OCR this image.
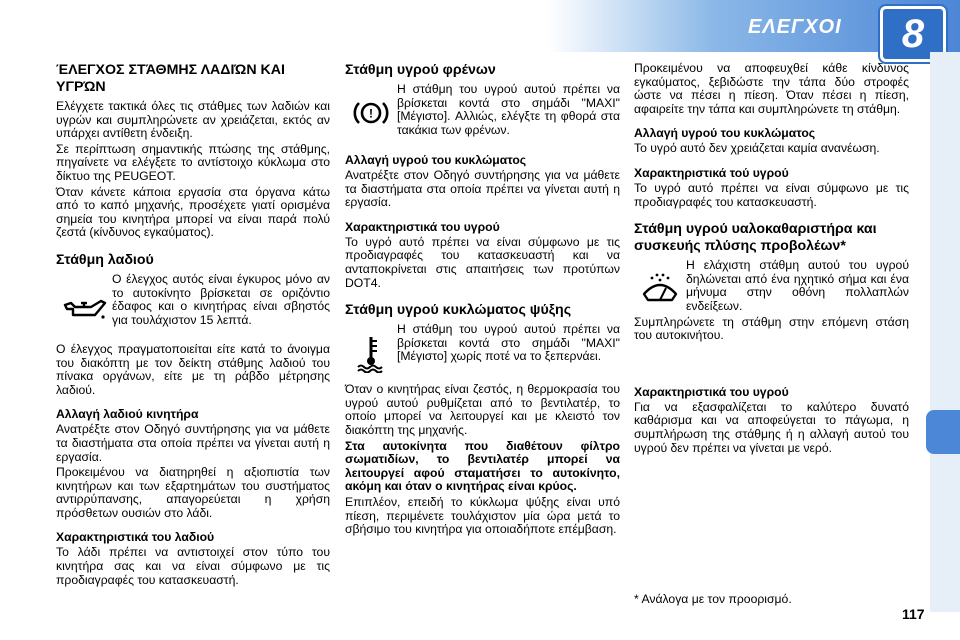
ΕΛΕΓΧΟΙ	8
ΈΛΕΓΧΟΣ ΣΤΆΘΜΗΣ ΛΑΔΙΏΝ ΚΑΙ ΥΓΡΏΝ

Ελέγχετε τακτικά όλες τις στάθμες των λαδιών και υγρών και συμπληρώνετε αν χρειάζεται, εκτός αν υπάρχει αντίθετη ένδειξη.

Σε περίπτωση σημαντικής πτώσης της στάθμης, πηγαίνετε να ελέγξετε το αντίστοιχο κύκλωμα στο δίκτυο της PEUGEOT.

Όταν κάνετε κάποια εργασία στα όργανα κάτω από το καπό μηχανής, προσέχετε γιατί ορισμένα σημεία του κινητήρα μπορεί να είναι παρά πολύ ζεστά (κίνδυνος εγκαύματος).

Στάθμη λαδιού

Ο έλεγχος αυτός είναι έγκυρος μόνο αν το αυτοκίνητο βρίσκεται σε οριζόντιο έδαφος και ο κινητήρας είναι σβηστός για τουλάχιστον 15 λεπτά.

Ο έλεγχος πραγματοποιείται είτε κατά το άνοιγμα του διακόπτη με τον δείκτη στάθμης λαδιού του πίνακα οργάνων, είτε με τη ράβδο μέτρησης λαδιού.

Αλλαγή λαδιού κινητήρα

Ανατρέξτε στον Οδηγό συντήρησης για να μάθετε τα διαστήματα στα οποία πρέπει να γίνεται αυτή η εργασία.

Προκειμένου να διατηρηθεί η αξιοπιστία των κινητήρων και των εξαρτημάτων του συστήματος αντιρρύπανσης, απαγορεύεται η χρήση πρόσθετων ουσιών στο λάδι.

Χαρακτηριστικά του λαδιού

Το λάδι πρέπει να αντιστοιχεί στον τύπο του κινητήρα σας και να είναι σύμφωνο με τις προδιαγραφές του κατασκευαστή.

Στάθμη υγρού φρένων
!

Η στάθμη του υγρού αυτού πρέπει να βρίσκεται κοντά στο σημάδι "MAXI" [Μέγιστο]. Αλλιώς, ελέγξτε τη φθορά στα τακάκια των φρένων.

Αλλαγή υγρού του κυκλώματος

Ανατρέξτε στον Οδηγό συντήρησης για να μάθετε τα διαστήματα στα οποία πρέπει να γίνεται αυτή η εργασία.

Χαρακτηριστικά του υγρού

Το υγρό αυτό πρέπει να είναι σύμφωνο με τις προδιαγραφές του κατασκευαστή και να ανταποκρίνεται στις απαιτήσεις των προτύπων DOT4.

Στάθμη υγρού κυκλώματος ψύξης

Η στάθμη του υγρού αυτού πρέπει να βρίσκεται κοντά στο σημάδι "MAXI" [Μέγιστο] χωρίς ποτέ να το ξεπερνάει.

Όταν ο κινητήρας είναι ζεστός, η θερμοκρασία του υγρού αυτού ρυθμίζεται από το βεντιλατέρ, το οποίο μπορεί να λειτουργεί και με κλειστό τον διακόπτη της μηχανής.

Στα αυτοκίνητα που διαθέτουν φίλτρο σωματιδίων, το βεντιλατέρ μπορεί να λειτουργεί αφού σταματήσει το αυτοκίνητο, ακόμη και όταν ο κινητήρας είναι κρύος.

Επιπλέον, επειδή το κύκλωμα ψύξης είναι υπό πίεση, περιμένετε τουλάχιστον μία ώρα μετά το σβήσιμο του κινητήρα για οποιαδήποτε επέμβαση.

Προκειμένου να αποφευχθεί κάθε κίνδυνος εγκαύματος, ξεβιδώστε την τάπα δύο στροφές ώστε να πέσει η πίεση. Όταν πέσει η πίεση, αφαιρείτε την τάπα και συμπληρώνετε τη στάθμη.

Αλλαγή υγρού του κυκλώματος

Το υγρό αυτό δεν χρειάζεται καμία ανανέωση.

Χαρακτηριστικά τού υγρού

Το υγρό αυτό πρέπει να είναι σύμφωνο με τις προδιαγραφές του κατασκευαστή.

Στάθμη υγρού υαλοκαθαριστήρα και συσκευής πλύσης προβολέων*

Η ελάχιστη στάθμη αυτού του υγρού δηλώνεται από ένα ηχητικό σήμα και ένα μήνυμα στην οθόνη πολλαπλών ενδείξεων.

Συμπληρώνετε τη στάθμη στην επόμενη στάση του αυτοκινήτου.

Χαρακτηριστικά του υγρού

Για να εξασφαλίζεται το καλύτερο δυνατό καθάρισμα και να αποφεύγεται το πάγωμα, η συμπλήρωση της στάθμης ή η αλλαγή αυτού του υγρού δεν πρέπει να γίνεται με νερό.

* Ανάλογα με τον προορισμό.
117
